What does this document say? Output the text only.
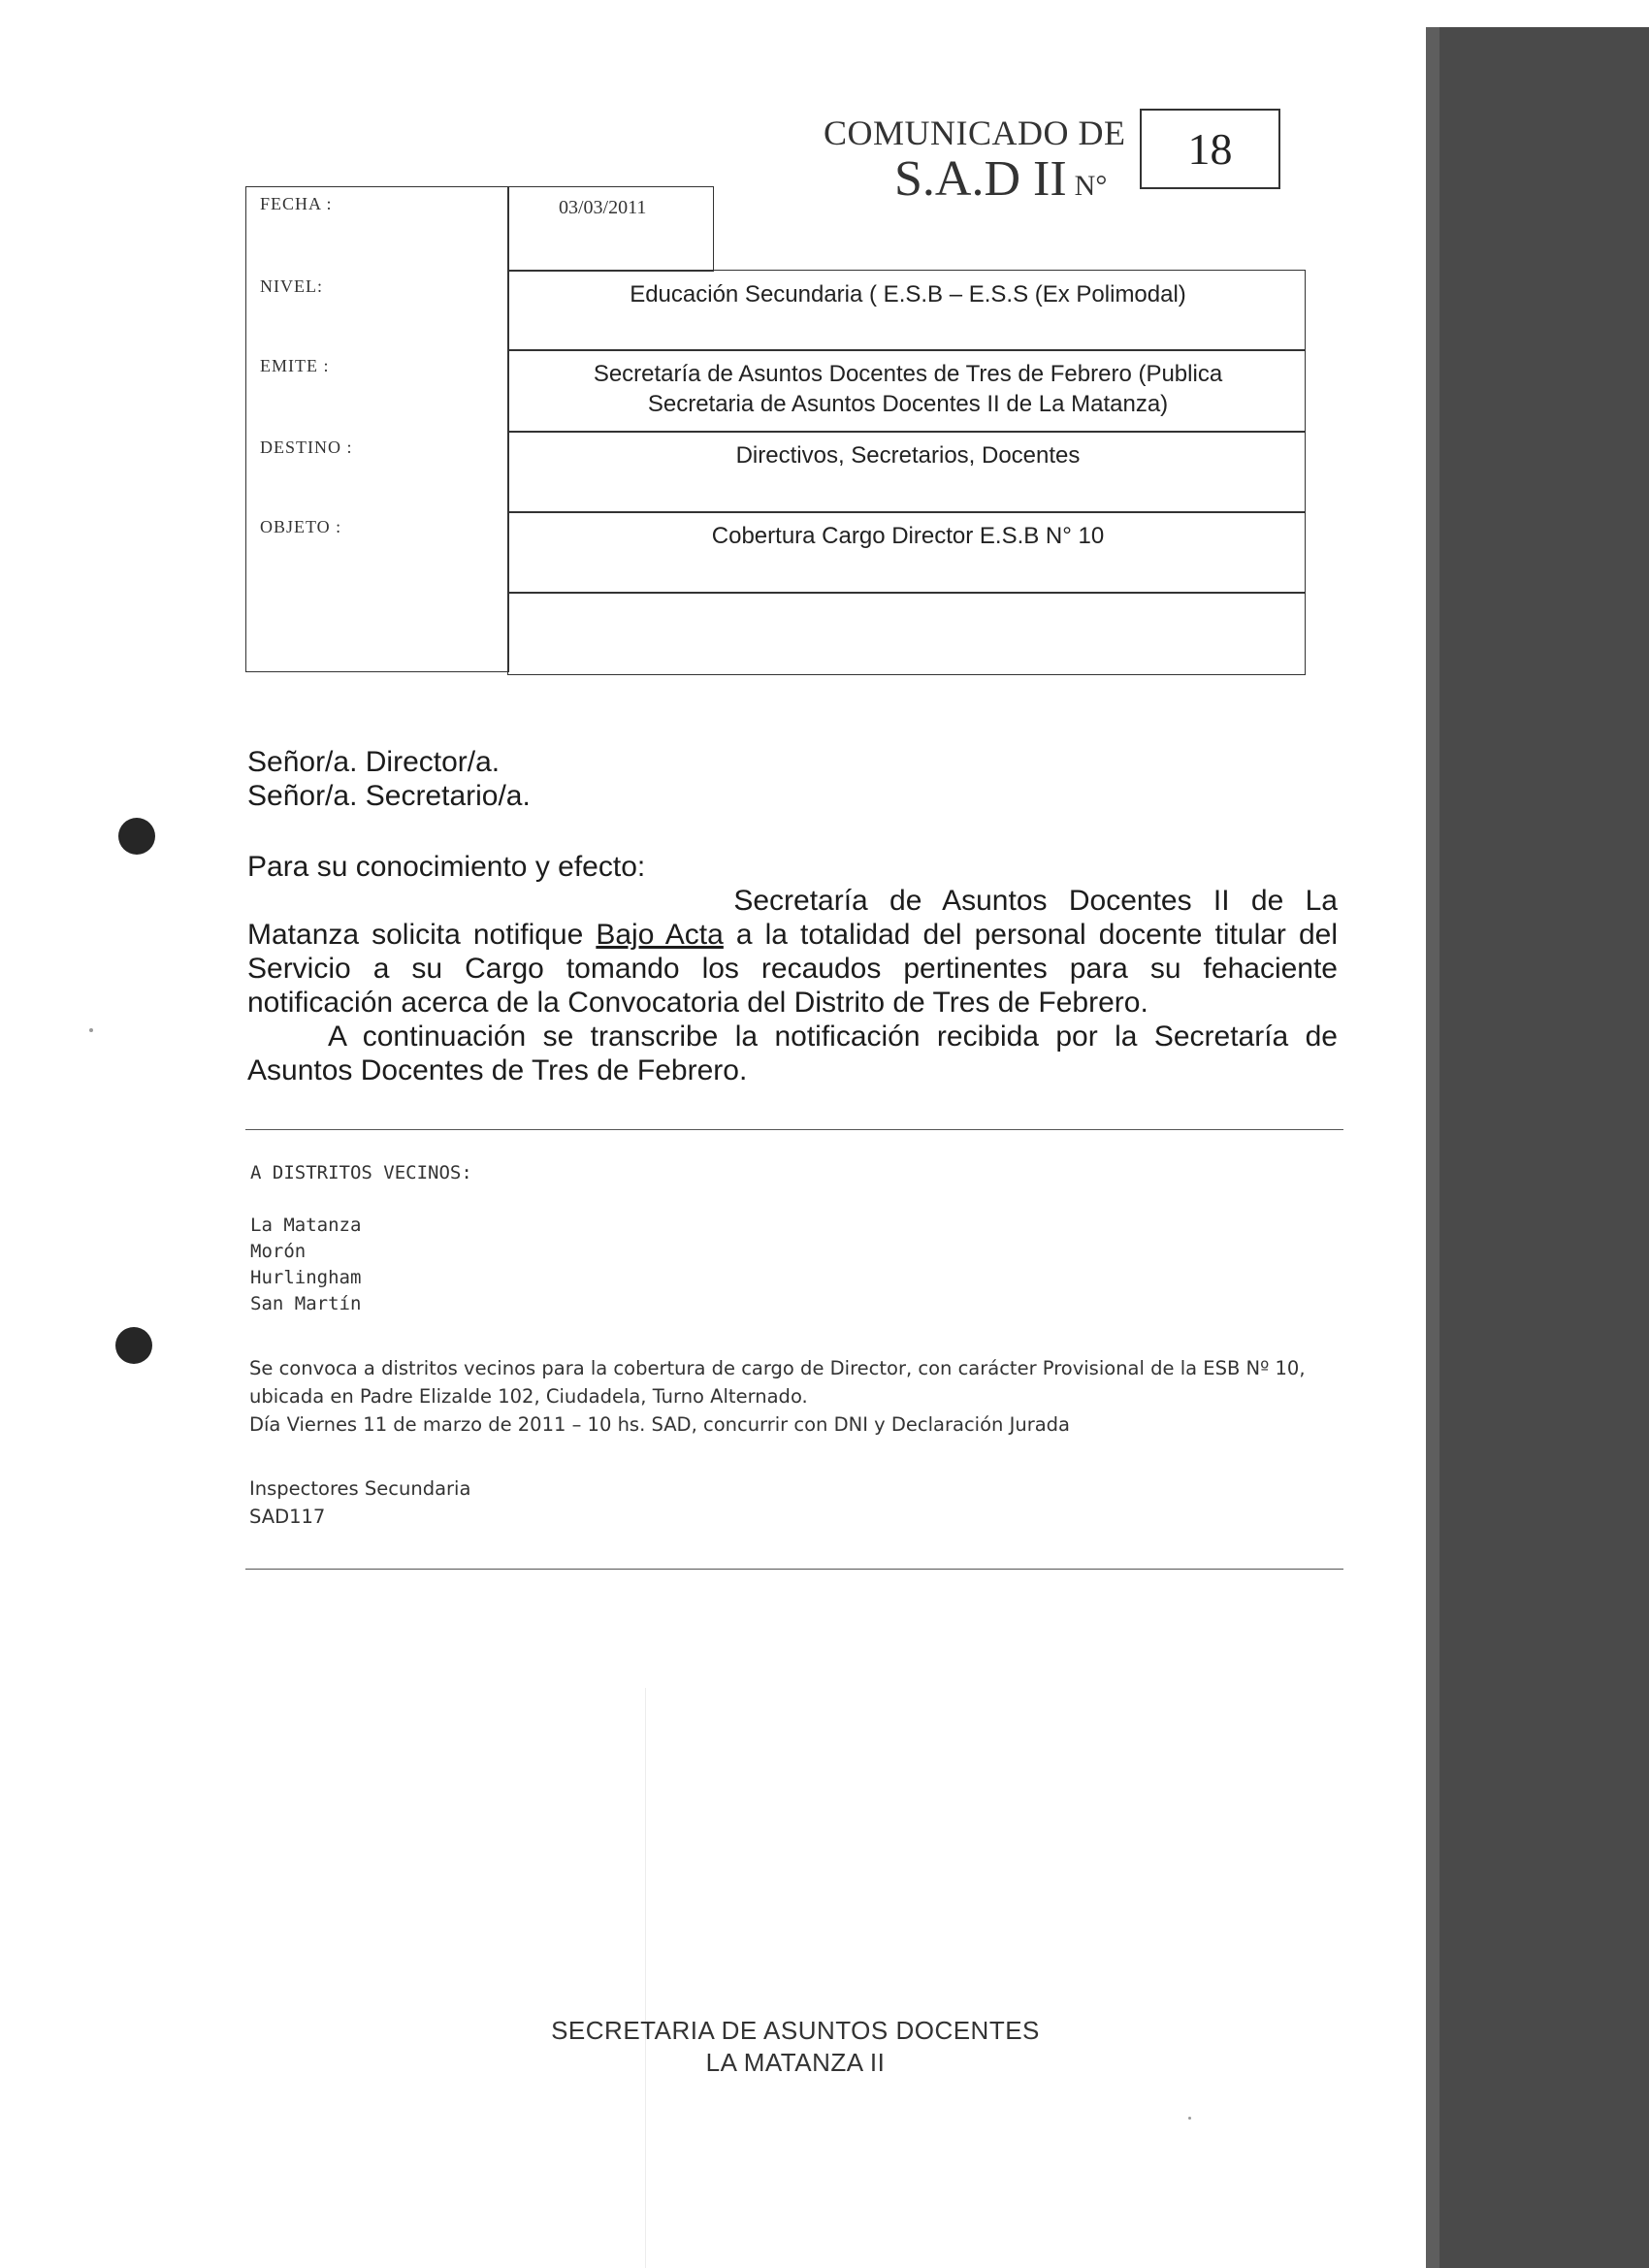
COMUNICADO DE
S.A.D II N°
18
FECHA :	03/03/2011
NIVEL:	Educación Secundaria ( E.S.B – E.S.S (Ex Polimodal)
EMITE :	Secretaría de Asuntos Docentes de Tres de Febrero (Publica
Secretaria de Asuntos Docentes II de La Matanza)
DESTINO :	Directivos, Secretarios, Docentes
OBJETO :	Cobertura Cargo Director E.S.B N° 10
Señor/a. Director/a.
Señor/a. Secretario/a.
Para su conocimiento y efecto:
Secretaría de Asuntos Docentes II de La
Matanza solicita notifique Bajo Acta a la totalidad del personal docente titular del Servicio a su Cargo tomando los recaudos pertinentes para su fehaciente notificación acerca de la Convocatoria del Distrito de Tres de Febrero.
A continuación se transcribe la notificación recibida por la Secretaría de Asuntos Docentes de Tres de Febrero.
A DISTRITOS VECINOS:
La Matanza
Morón
Hurlingham
San Martín
Se convoca a distritos vecinos para la cobertura de cargo de Director, con carácter Provisional de la ESB Nº 10, ubicada en Padre Elizalde 102, Ciudadela, Turno Alternado.
Día Viernes 11 de marzo de 2011 – 10 hs. SAD, concurrir con DNI y Declaración Jurada
Inspectores Secundaria
SAD117
SECRETARIA DE ASUNTOS DOCENTES
LA MATANZA II
